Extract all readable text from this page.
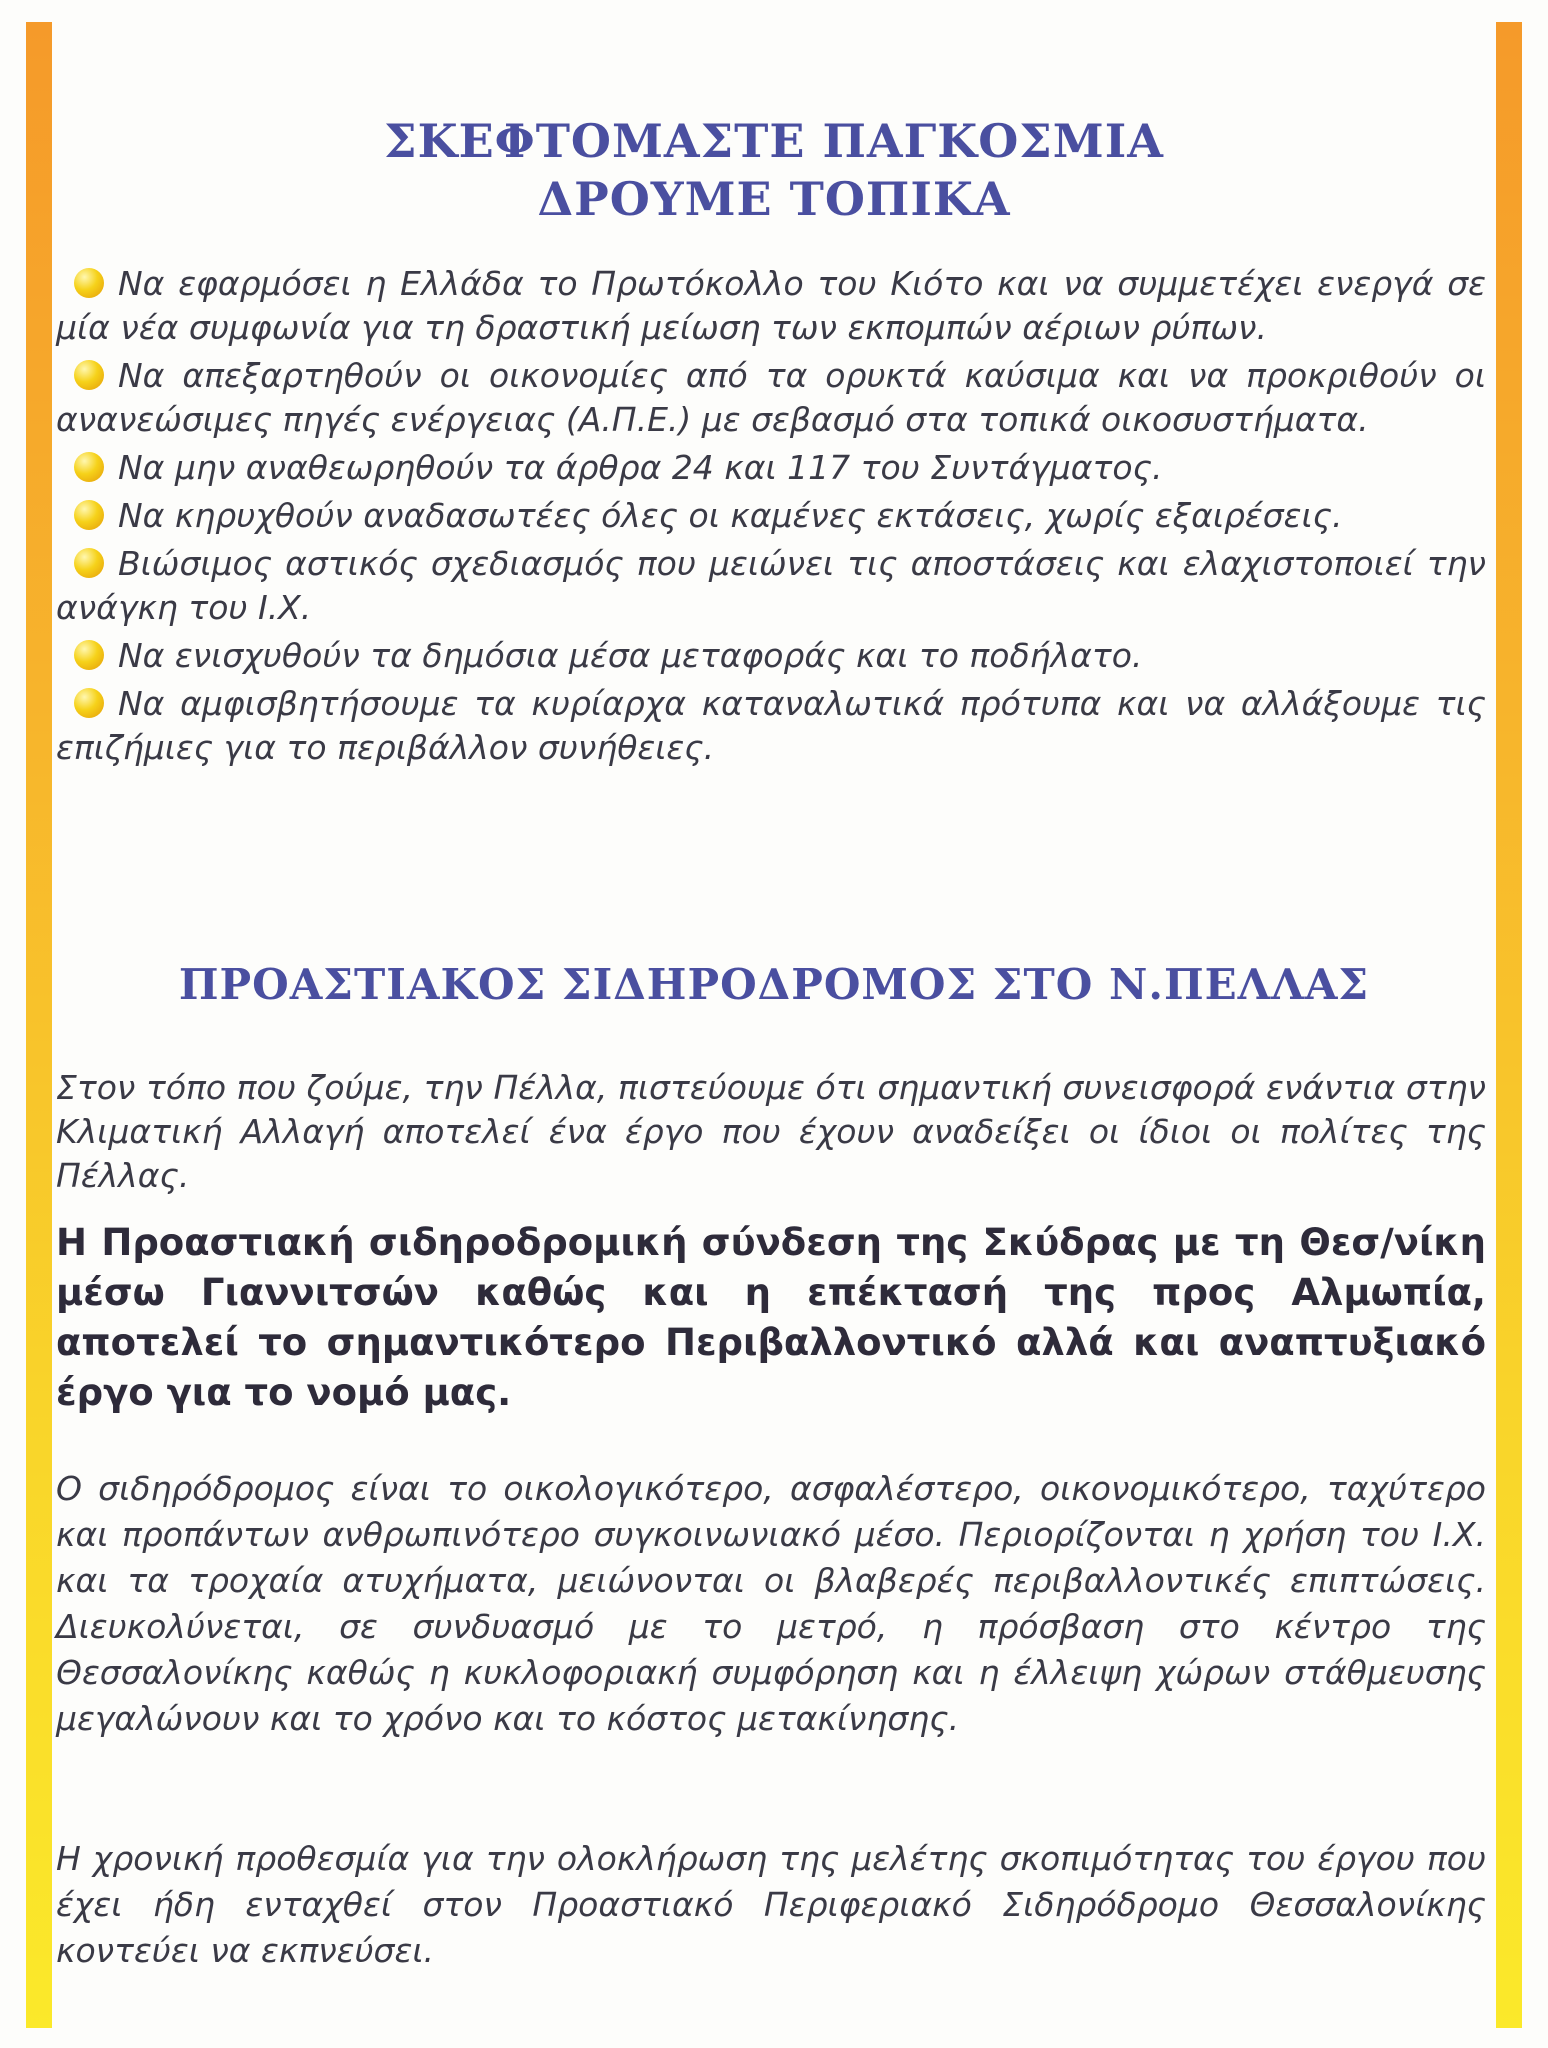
ΣΚΕΦΤΟΜΑΣΤΕ ΠΑΓΚΟΣΜΙΑ
ΔΡΟΥΜΕ ΤΟΠΙΚΑ
Να εφαρμόσει η Ελλάδα το Πρωτόκολλο του Κιότο και να συμμετέχει ενεργά σε μία νέα συμφωνία για τη δραστική μείωση των εκπομπών αέριων ρύπων.
Να απεξαρτηθούν οι οικονομίες από τα ορυκτά καύσιμα και να προκριθούν οι ανανεώσιμες πηγές ενέργειας (Α.Π.Ε.) με σεβασμό στα τοπικά οικοσυστήματα.
Να μην αναθεωρηθούν τα άρθρα 24 και 117 του Συντάγματος.
Να κηρυχθούν αναδασωτέες όλες οι καμένες εκτάσεις, χωρίς εξαιρέσεις.
Βιώσιμος αστικός σχεδιασμός που μειώνει τις αποστάσεις και ελαχιστοποιεί την ανάγκη του Ι.Χ.
Να ενισχυθούν τα δημόσια μέσα μεταφοράς και το ποδήλατο.
Να αμφισβητήσουμε τα κυρίαρχα καταναλωτικά πρότυπα και να αλλάξουμε τις επιζήμιες για το περιβάλλον συνήθειες.
ΠΡΟΑΣΤΙΑΚΟΣ ΣΙΔΗΡΟΔΡΟΜΟΣ ΣΤΟ Ν.ΠΕΛΛΑΣ

Στον τόπο που ζούμε, την Πέλλα, πιστεύουμε ότι σημαντική συνεισφορά ενάντια στην Κλιματική Αλλαγή αποτελεί ένα έργο που έχουν αναδείξει οι ίδιοι οι πολίτες της Πέλλας.

Η Προαστιακή σιδηροδρομική σύνδεση της Σκύδρας με τη Θεσ/νίκη μέσω Γιαννιτσών καθώς και η επέκτασή της προς Αλμωπία, αποτελεί το σημαντικότερο Περιβαλλοντικό αλλά και αναπτυξιακό έργο για το νομό μας.

Ο σιδηρόδρομος είναι το οικολογικότερο, ασφαλέστερο, οικονομικότερο, ταχύτερο και προπάντων ανθρωπινότερο συγκοινωνιακό μέσο. Περιορίζονται η χρήση του Ι.Χ. και τα τροχαία ατυχήματα, μειώνονται οι βλαβερές περιβαλλοντικές επιπτώσεις. Διευκολύνεται, σε συνδυασμό με το μετρό, η πρόσβαση στο κέντρο της Θεσσαλονίκης καθώς η κυκλοφοριακή συμφόρηση και η έλλειψη χώρων στάθμευσης μεγαλώνουν και το χρόνο και το κόστος μετακίνησης.

Η χρονική προθεσμία για την ολοκλήρωση της μελέτης σκοπιμότητας του έργου που έχει ήδη ενταχθεί στον Προαστιακό Περιφεριακό Σιδηρόδρομο Θεσσαλονίκης κοντεύει να εκπνεύσει.
